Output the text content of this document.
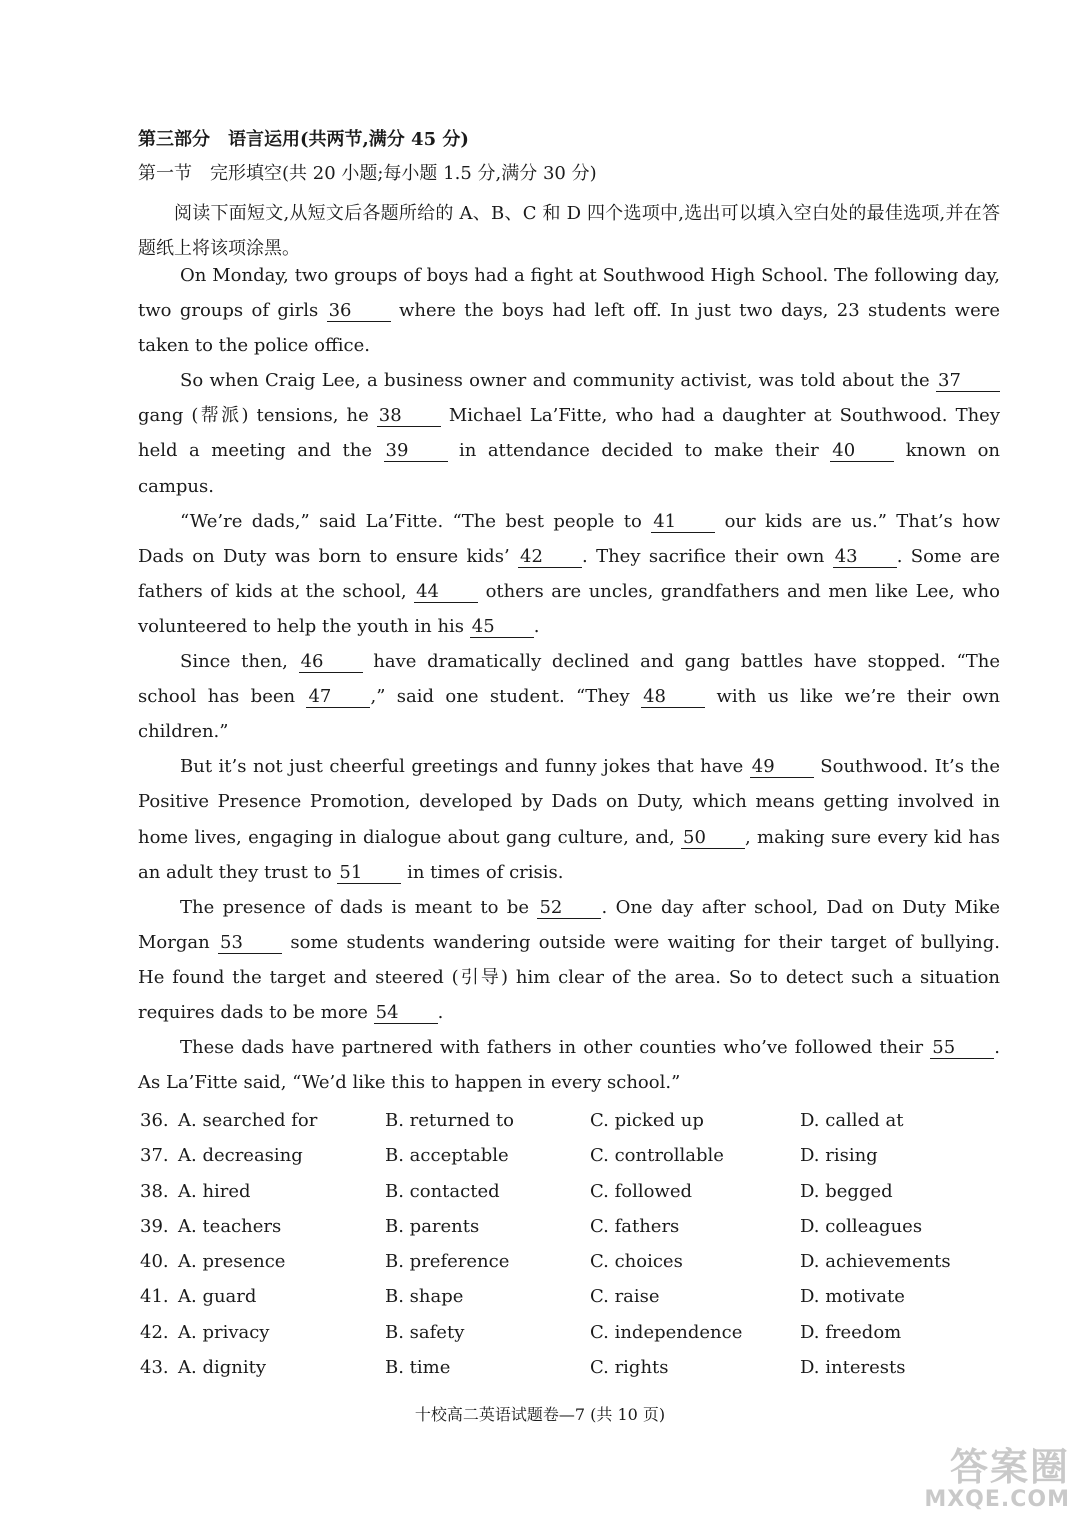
第三部分　语言运用(共两节,满分 45 分)
第一节　完形填空(共 20 小题;每小题 1.5 分,满分 30 分)
阅读下面短文,从短文后各题所给的 A、B、C 和 D 四个选项中,选出可以填入空白处的最佳选项,并在答题纸上将该项涂黑。

On Monday, two groups of boys had a fight at Southwood High School. The following day, two groups of girls 36 where the boys had left off. In just two days, 23 students were taken to the police office.

So when Craig Lee, a business owner and community activist, was told about the 37 gang (帮派) tensions, he 38 Michael La’Fitte, who had a daughter at Southwood. They held a meeting and the 39 in attendance decided to make their 40 known on campus.

“We’re dads,” said La’Fitte. “The best people to 41 our kids are us.” That’s how Dads on Duty was born to ensure kids’ 42 . They sacrifice their own 43 . Some are fathers of kids at the school, 44 others are uncles, grandfathers and men like Lee, who volunteered to help the youth in his 45 .

Since then, 46 have dramatically declined and gang battles have stopped. “The school has been 47 ,” said one student. “They 48 with us like we’re their own children.”

But it’s not just cheerful greetings and funny jokes that have 49 Southwood. It’s the Positive Presence Promotion, developed by Dads on Duty, which means getting involved in home lives, engaging in dialogue about gang culture, and, 50 , making sure every kid has an adult they trust to 51 in times of crisis.

The presence of dads is meant to be 52 . One day after school, Dad on Duty Mike Morgan 53 some students wandering outside were waiting for their target of bullying. He found the target and steered (引导) him clear of the area. So to detect such a situation requires dads to be more 54 .

These dads have partnered with fathers in other counties who’ve followed their 55 . As La’Fitte said, “We’d like this to happen in every school.”

36. A. searched for	B. returned to	C. picked up	D. called at
37. A. decreasing	B. acceptable	C. controllable	D. rising
38. A. hired	B. contacted	C. followed	D. begged
39. A. teachers	B. parents	C. fathers	D. colleagues
40. A. presence	B. preference	C. choices	D. achievements
41. A. guard	B. shape	C. raise	D. motivate
42. A. privacy	B. safety	C. independence	D. freedom
43. A. dignity	B. time	C. rights	D. interests
十校高二英语试题卷—7 (共 10 页)
答案圈
MXQE.COM
